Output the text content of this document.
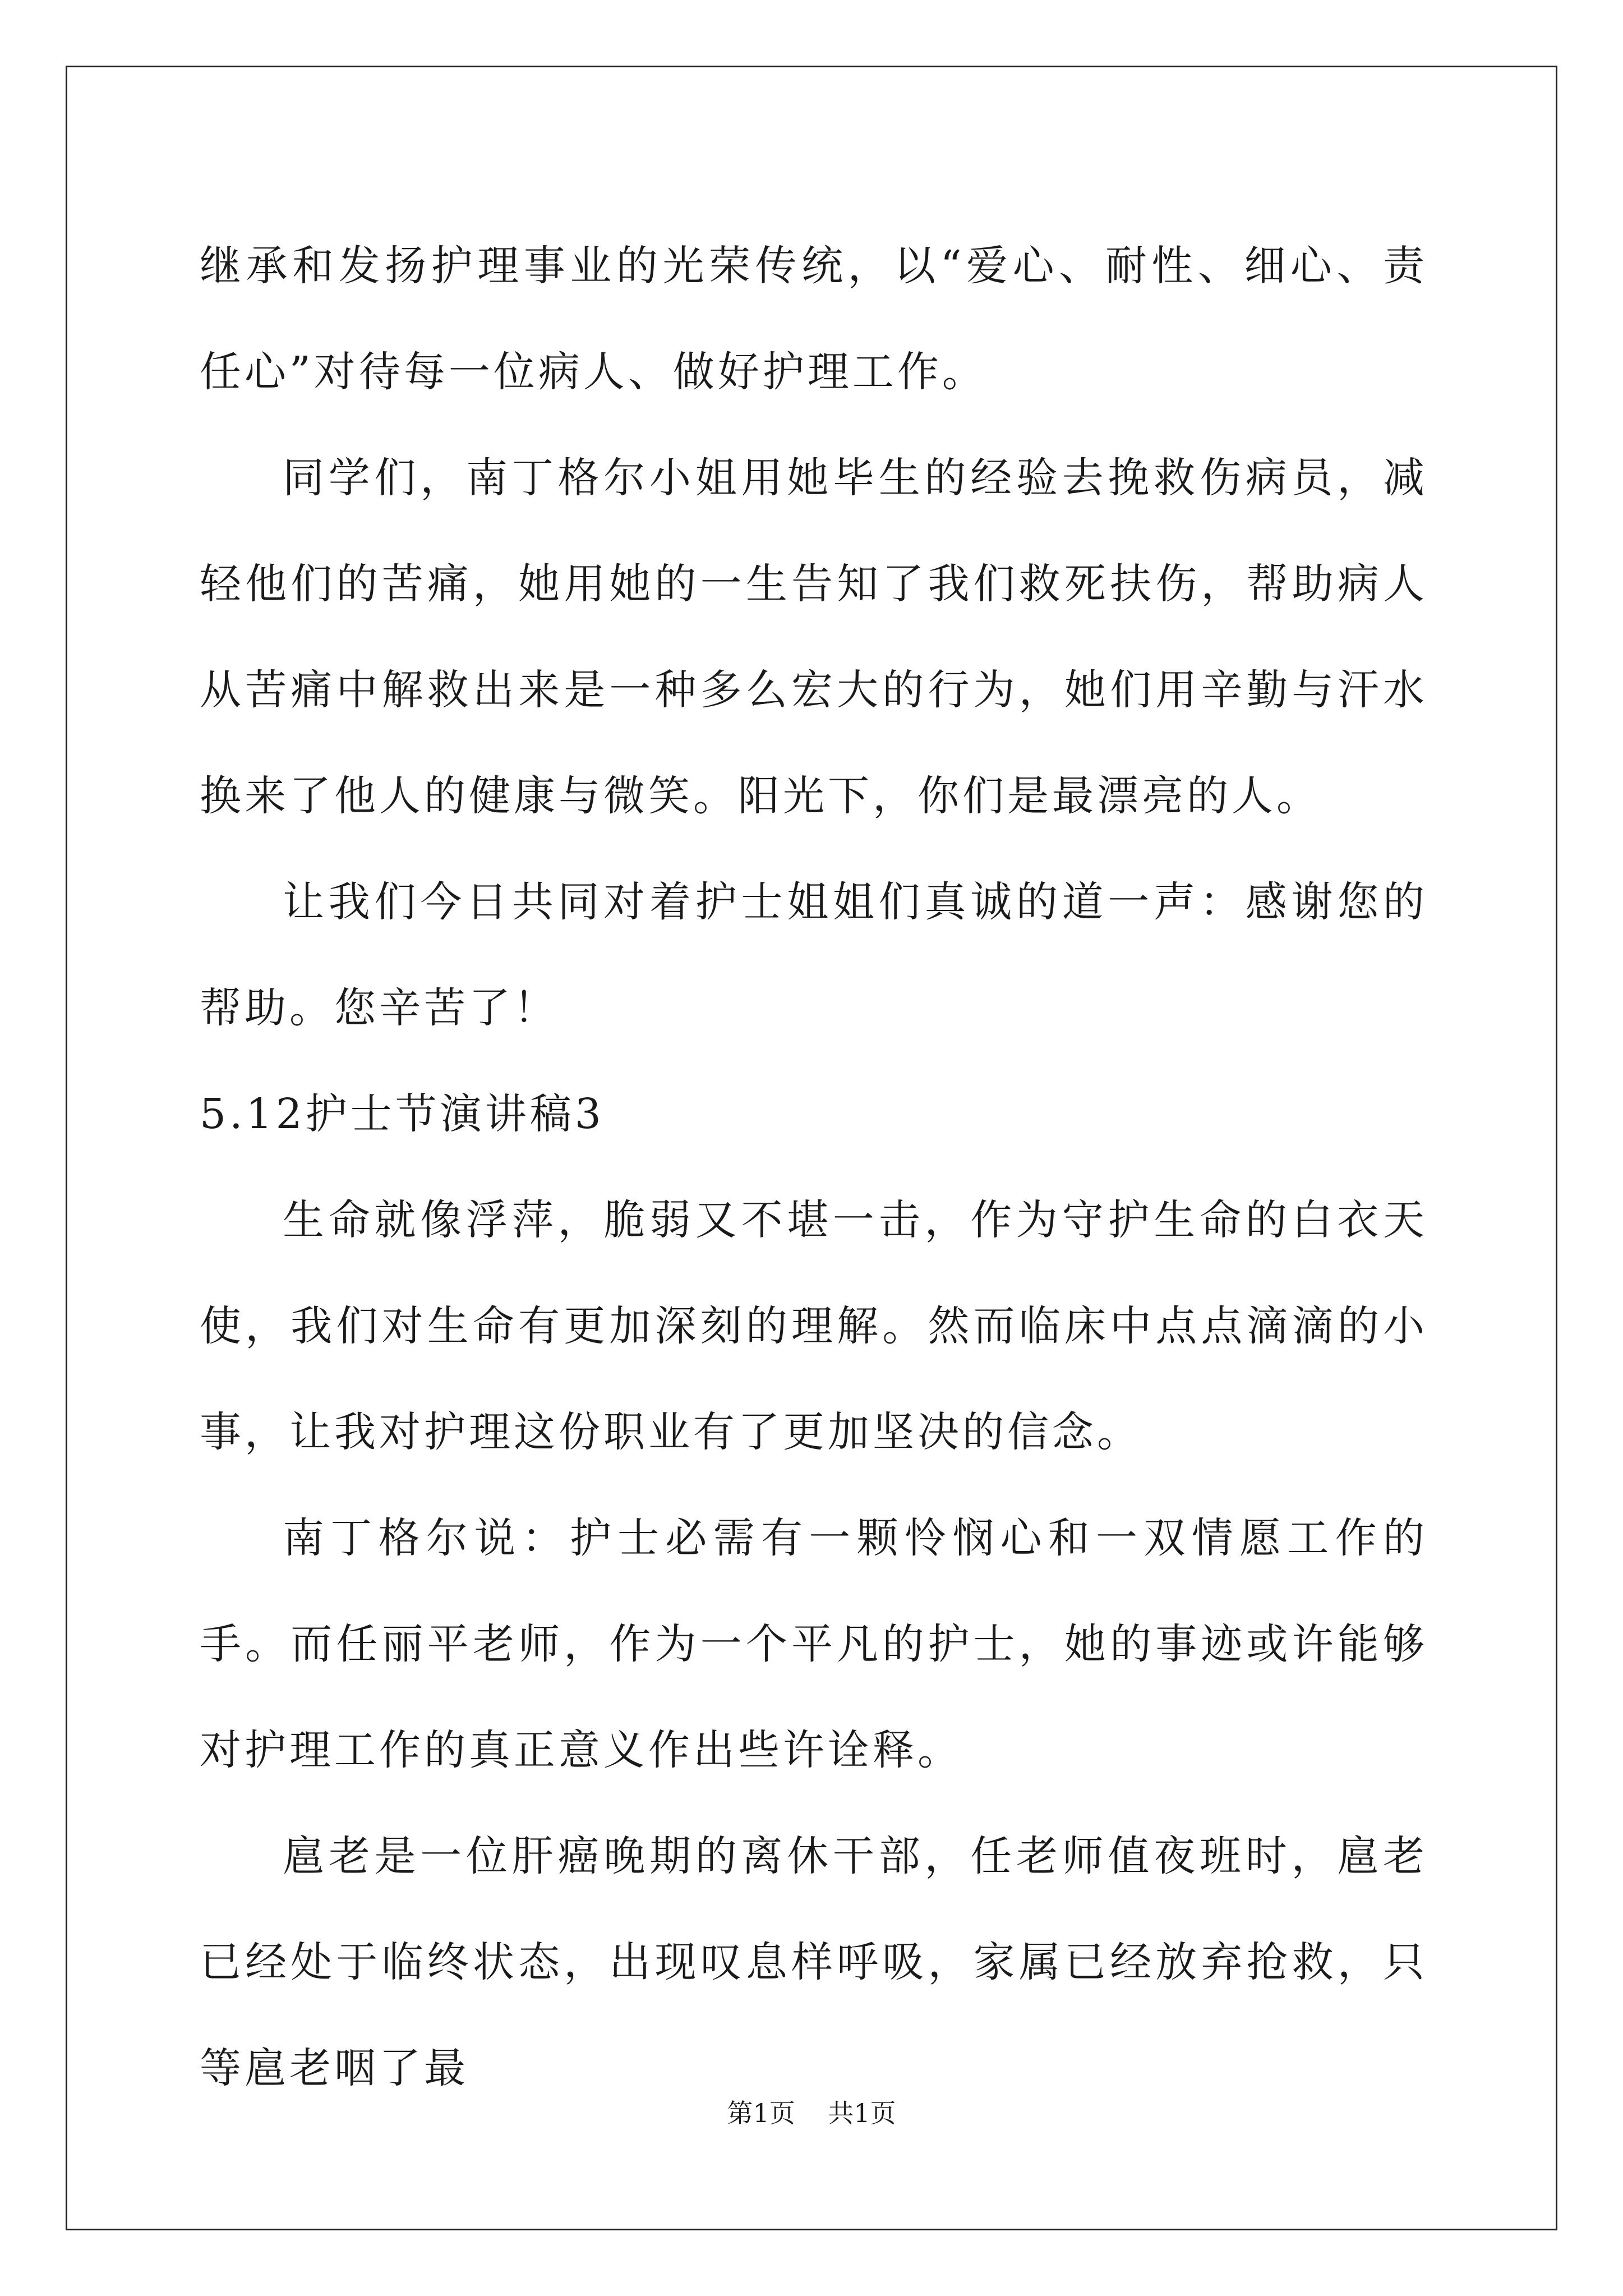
继承和发扬护理事业的光荣传统，以“爱心、耐性、细心、责任心”对待每一位病人、做好护理工作。

同学们，南丁格尔小姐用她毕生的经验去挽救伤病员，减轻他们的苦痛，她用她的一生告知了我们救死扶伤，帮助病人从苦痛中解救出来是一种多么宏大的行为，她们用辛勤与汗水换来了他人的健康与微笑。阳光下，你们是最漂亮的人。

让我们今日共同对着护士姐姐们真诚的道一声：感谢您的帮助。您辛苦了！

5.12护士节演讲稿3

生命就像浮萍，脆弱又不堪一击，作为守护生命的白衣天使，我们对生命有更加深刻的理解。然而临床中点点滴滴的小事，让我对护理这份职业有了更加坚决的信念。

南丁格尔说：护士必需有一颗怜悯心和一双情愿工作的手。而任丽平老师，作为一个平凡的护士，她的事迹或许能够对护理工作的真正意义作出些许诠释。

扈老是一位肝癌晚期的离休干部，任老师值夜班时，扈老已经处于临终状态，出现叹息样呼吸，家属已经放弃抢救，只等扈老咽了最

第1页    共1页
